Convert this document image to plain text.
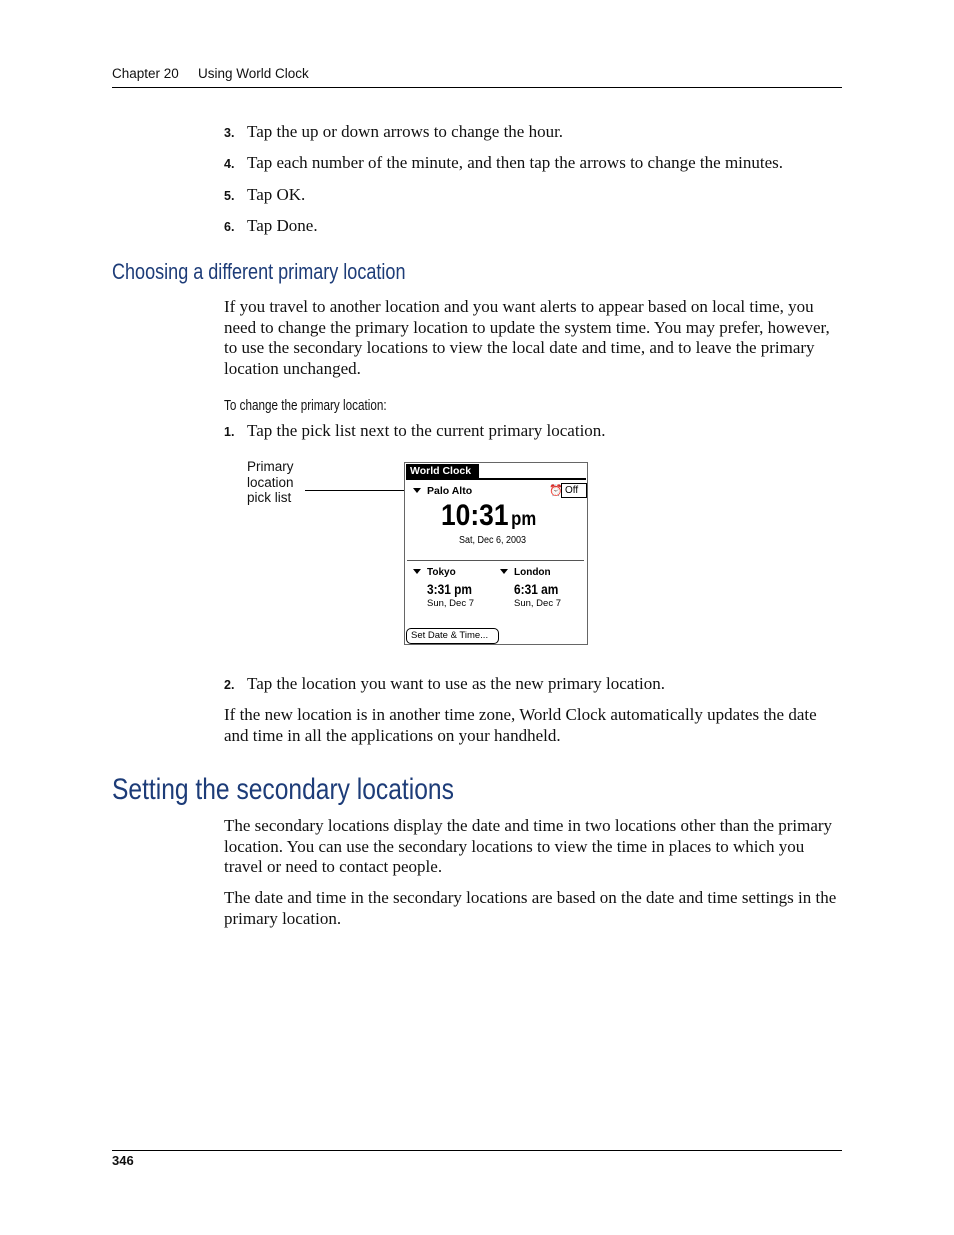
Chapter 20 Using World Clock
3. Tap the up or down arrows to change the hour.
4. Tap each number of the minute, and then tap the arrows to change the minutes.
5. Tap OK.
6. Tap Done.
Choosing a different primary location
If you travel to another location and you want alerts to appear based on local time, you need to change the primary location to update the system time. You may prefer, however, to use the secondary locations to view the local date and time, and to leave the primary location unchanged.
To change the primary location:
1. Tap the pick list next to the current primary location.
Primary
location
pick list
World Clock
Palo Alto	⏰ Off
10:31 pm
Sat, Dec 6, 2003
Tokyo
3:31 pm
Sun, Dec 7
London
6:31 am
Sun, Dec 7
Set Date & Time...
2. Tap the location you want to use as the new primary location.
If the new location is in another time zone, World Clock automatically updates the date and time in all the applications on your handheld.
Setting the secondary locations
The secondary locations display the date and time in two locations other than the primary location. You can use the secondary locations to view the time in places to which you travel or need to contact people.
The date and time in the secondary locations are based on the date and time settings in the primary location.
346
